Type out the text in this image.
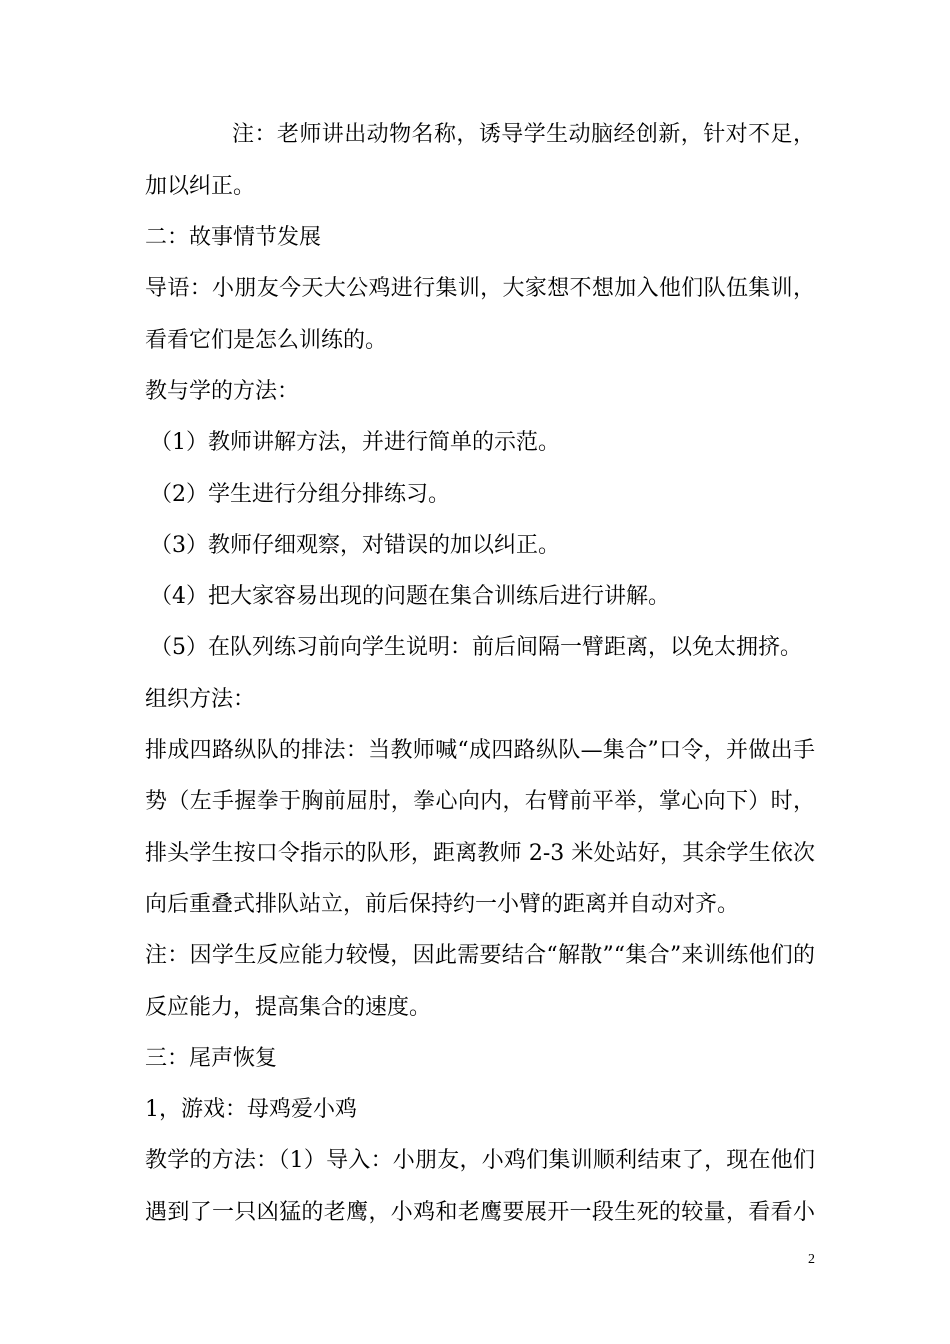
注：老师讲出动物名称，诱导学生动脑经创新，针对不足，
加以纠正。
二：故事情节发展
导语：小朋友今天大公鸡进行集训，大家想不想加入他们队伍集训，
看看它们是怎么训练的。
教与学的方法：
（1）教师讲解方法，并进行简单的示范。
（2）学生进行分组分排练习。
（3）教师仔细观察，对错误的加以纠正。
（4）把大家容易出现的问题在集合训练后进行讲解。
（5）在队列练习前向学生说明：前后间隔一臂距离，以免太拥挤。
组织方法：
排成四路纵队的排法：当教师喊“成四路纵队—集合”口令，并做出手
势（左手握拳于胸前屈肘，拳心向内，右臂前平举，掌心向下）时，
排头学生按口令指示的队形，距离教师 2-3 米处站好，其余学生依次
向后重叠式排队站立，前后保持约一小臂的距离并自动对齐。
注：因学生反应能力较慢，因此需要结合“解散”“集合”来训练他们的
反应能力，提高集合的速度。
三：尾声恢复
1，游戏：母鸡爱小鸡
教学的方法：（1）导入：小朋友，小鸡们集训顺利结束了，现在他们
遇到了一只凶猛的老鹰，小鸡和老鹰要展开一段生死的较量，看看小
2
